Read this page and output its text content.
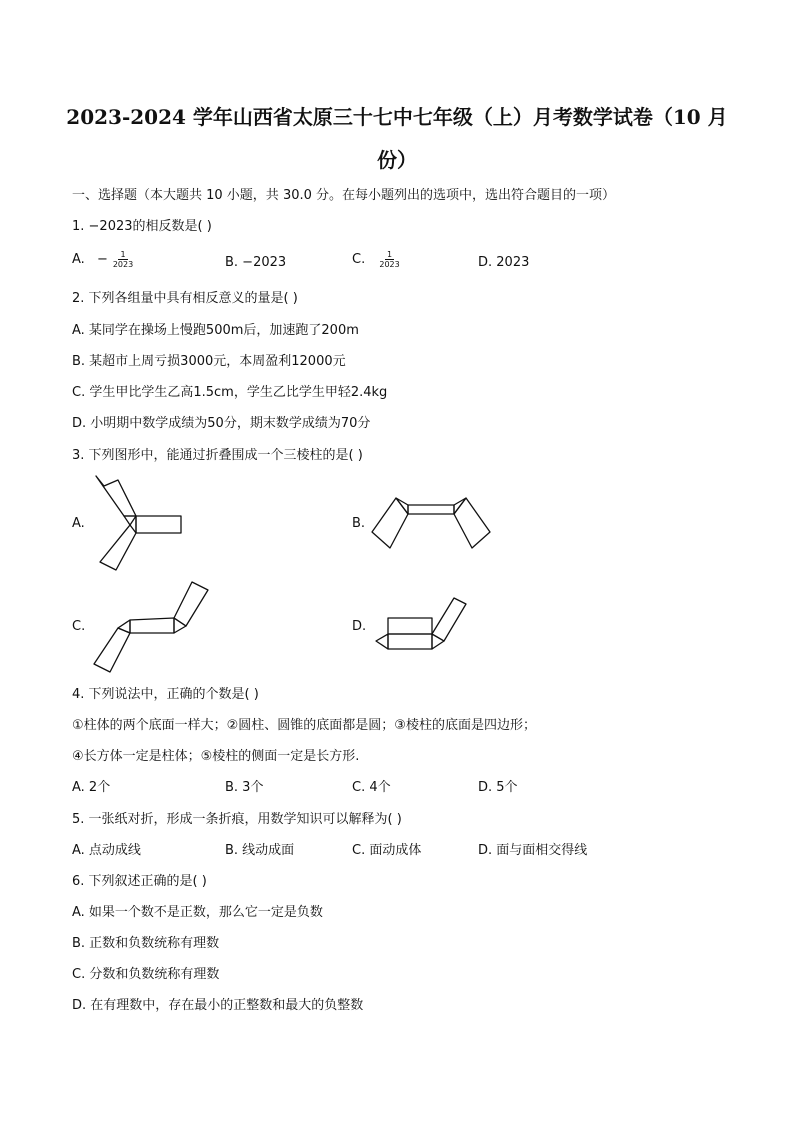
2023-2024 学年山西省太原三十七中七年级（上）月考数学试卷（10 月
份）
一、选择题（本大题共 10 小题，共 30.0 分。在每小题列出的选项中，选出符合题目的一项）
1. −2023的相反数是( )
A. − $\frac{1}{2023}$	B. −2023	C. $\frac{1}{2023}$	D. 2023
2. 下列各组量中具有相反意义的量是( )
A. 某同学在操场上慢跑500m后，加速跑了200m
B. 某超市上周亏损3000元，本周盈利12000元
C. 学生甲比学生乙高1.5cm，学生乙比学生甲轻2.4kg
D. 小明期中数学成绩为50分，期末数学成绩为70分
3. 下列图形中，能通过折叠围成一个三棱柱的是( )
A.	B.
C.	D.
4. 下列说法中，正确的个数是( )
①柱体的两个底面一样大；②圆柱、圆锥的底面都是圆；③棱柱的底面是四边形；
④长方体一定是柱体；⑤棱柱的侧面一定是长方形.
A. 2个	B. 3个	C. 4个	D. 5个
5. 一张纸对折，形成一条折痕，用数学知识可以解释为( )
A. 点动成线	B. 线动成面	C. 面动成体	D. 面与面相交得线
6. 下列叙述正确的是( )
A. 如果一个数不是正数，那么它一定是负数
B. 正数和负数统称有理数
C. 分数和负数统称有理数
D. 在有理数中，存在最小的正整数和最大的负整数
